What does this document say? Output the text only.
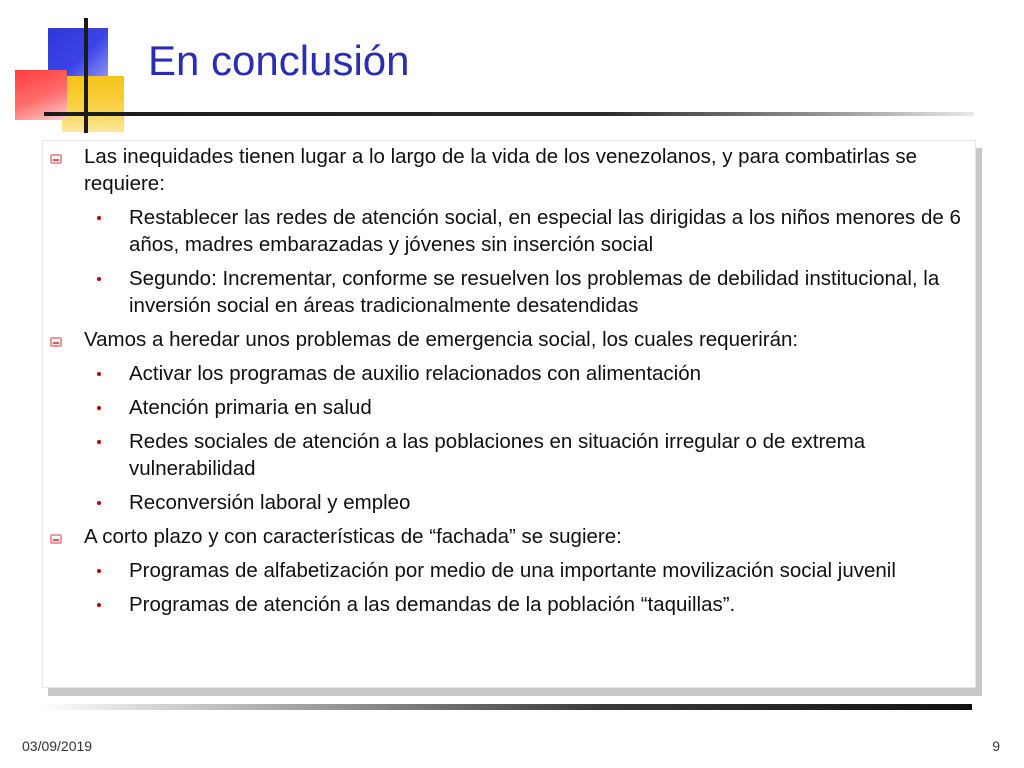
En conclusión
Las inequidades tienen lugar a lo largo de la vida de los venezolanos, y para combatirlas se requiere:
Restablecer las redes de atención social, en especial las dirigidas a los niños menores de 6 años, madres embarazadas y jóvenes sin inserción social
Segundo: Incrementar, conforme se resuelven los problemas de debilidad institucional, la inversión social en áreas tradicionalmente desatendidas
Vamos a heredar unos problemas de emergencia social, los cuales requerirán:
Activar los programas de auxilio relacionados con alimentación
Atención primaria en salud
Redes sociales de atención a las poblaciones en situación irregular o de extrema vulnerabilidad
Reconversión laboral y empleo
A corto plazo y con características de “fachada” se sugiere:
Programas de alfabetización por medio de una importante movilización social juvenil
Programas de atención a las demandas de la población “taquillas”.
03/09/2019	9
